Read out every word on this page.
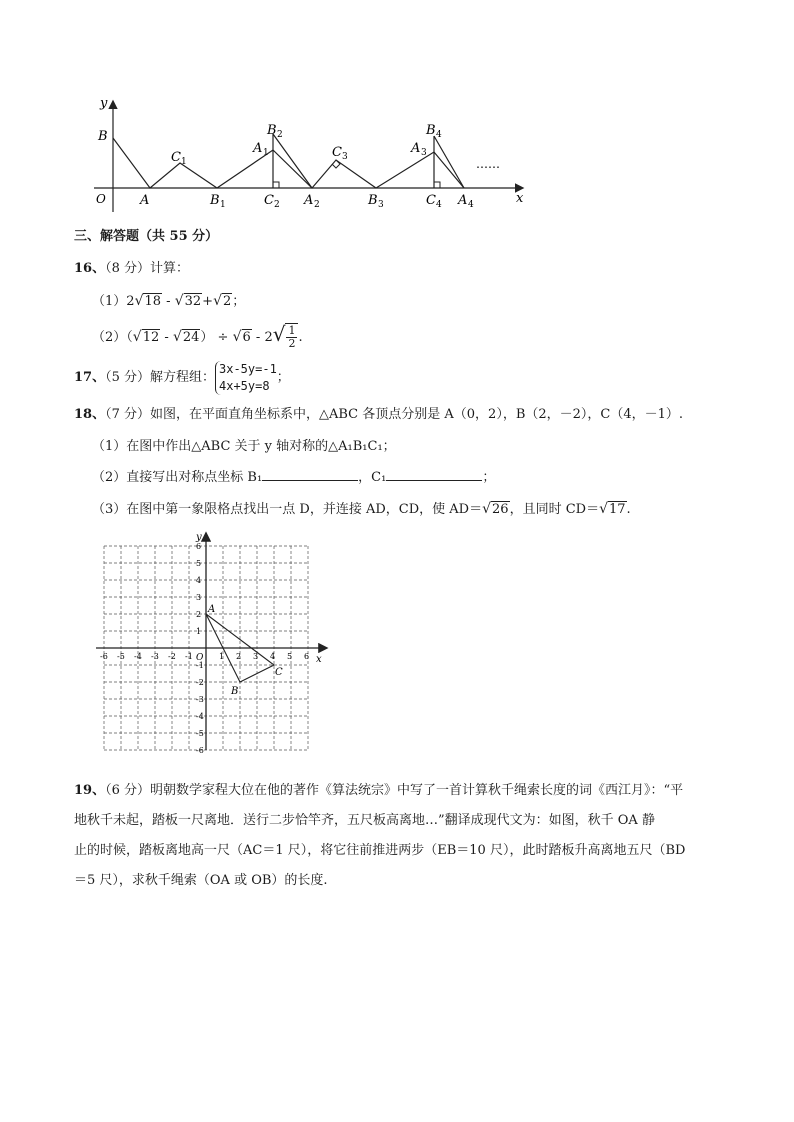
y
x
O
B
A
C 1
B 1
B 2
A 1
C 2 A 2
C 3
B 3
B 4
A 3
C 4 A 4
……
三、解答题（共 55 分）
16、（8 分）计算：
（1）2√18 - √32+√2；
$(2)(√12 - √24) \div √6 - 2√ \frac{1}{2}$ .
17、（5 分）解方程组：
3x-5y=-1
4x+5y=8
；
18、（7 分）如图，在平面直角坐标系中，△ABC 各顶点分别是 A（0，2），B（2，－2），C（4，－1）.
（1）在图中作出△ABC 关于 y 轴对称的△A₁B₁C₁；
（2）直接写出对称点坐标 B₁	，C₁	；
（3）在图中第一象限格点找出一点 D，并连接 AD，CD，使 AD＝√26，且同时 CD＝√17.
-6 -5 -4 -3 -2 -1	1 2 3 4 5 6
6
5
4
3
2
1
-1
-2
-3
-4
-5
-6
x
y
O
A
B
C
19、（6 分）明朝数学家程大位在他的著作《算法统宗》中写了一首计算秋千绳索长度的词《西江月》：“平
地秋千未起，踏板一尺离地．送行二步恰竿齐，五尺板高离地…”翻译成现代文为：如图，秋千 OA 静
止的时候，踏板离地高一尺（AC＝1 尺），将它往前推进两步（EB＝10 尺），此时踏板升高离地五尺（BD
＝5 尺），求秋千绳索（OA 或 OB）的长度.
